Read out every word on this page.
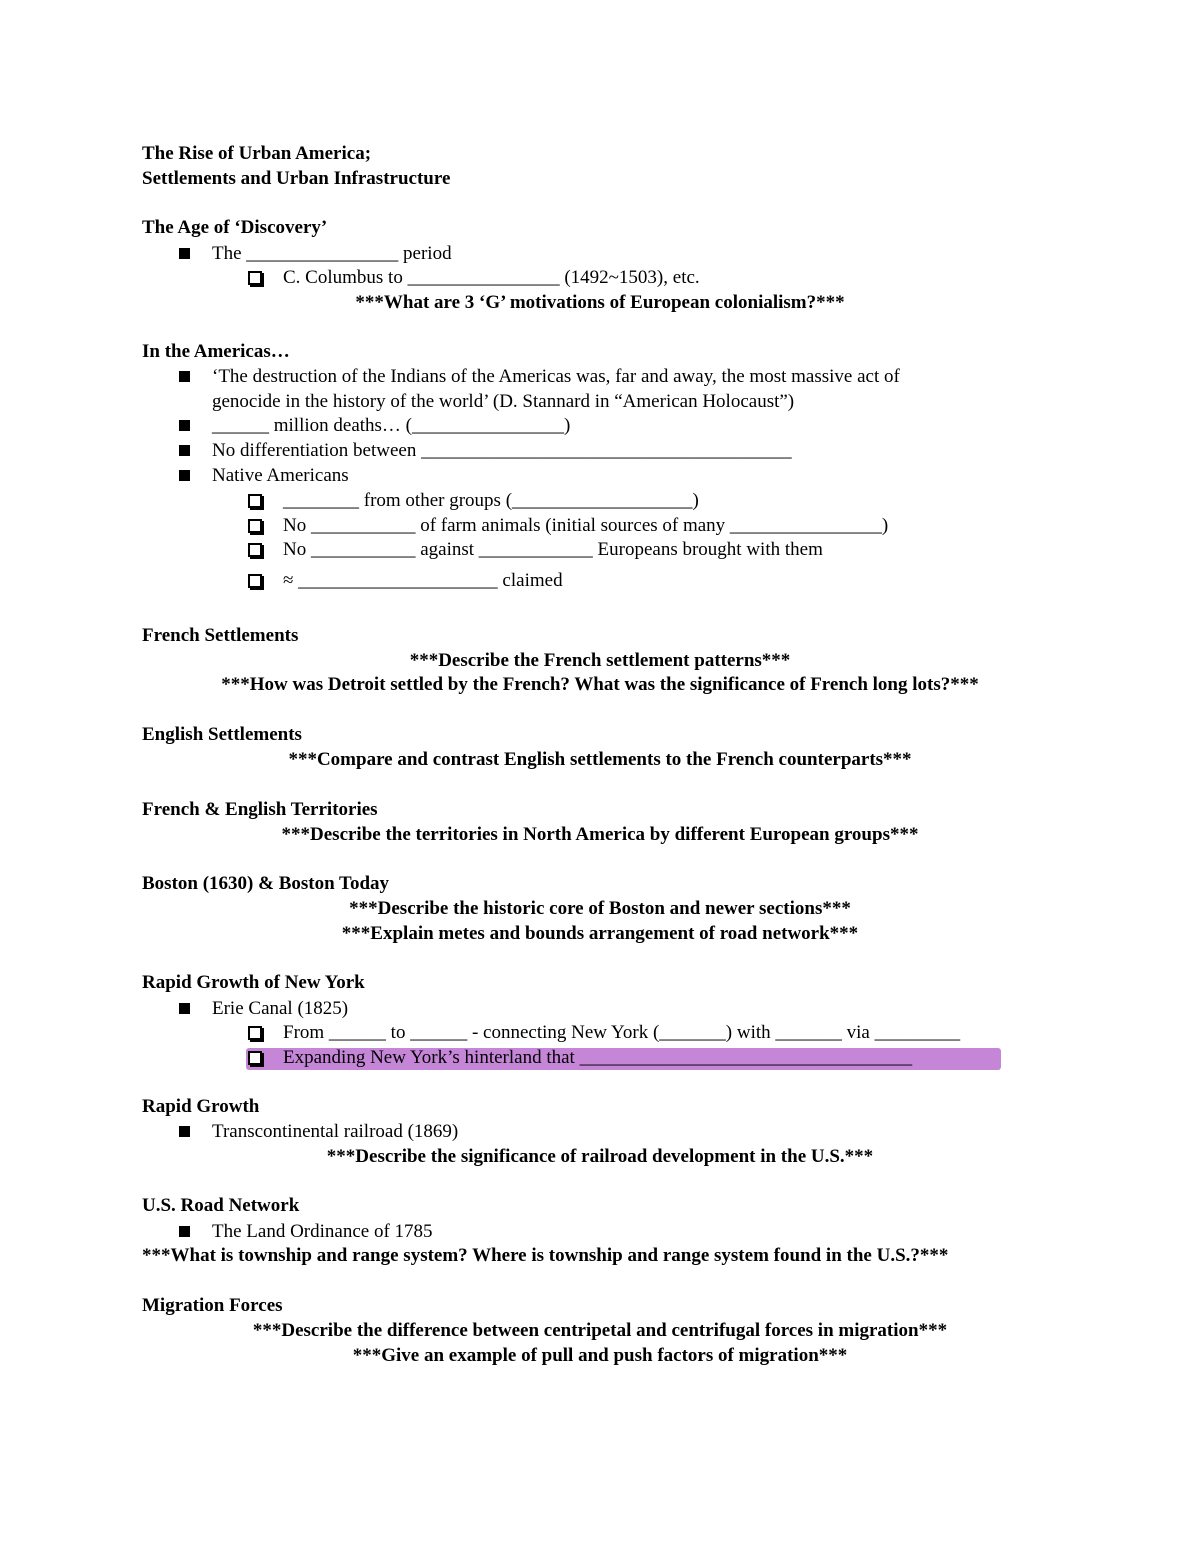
The Rise of Urban America;
Settlements and Urban Infrastructure
The Age of ‘Discovery’
The ________________ period
C. Columbus to ________________ (1492~1503), etc.
***What are 3 ‘G’ motivations of European colonialism?***
In the Americas…
‘The destruction of the Indians of the Americas was, far and away, the most massive act of
genocide in the history of the world’ (D. Stannard in “American Holocaust”)
______ million deaths… (________________)
No differentiation between _______________________________________
Native Americans
________ from other groups (___________________)
No ___________ of farm animals (initial sources of many ________________)
No ___________ against ____________ Europeans brought with them
≈ _____________________ claimed
French Settlements
***Describe the French settlement patterns***
***How was Detroit settled by the French? What was the significance of French long lots?***
English Settlements
***Compare and contrast English settlements to the French counterparts***
French & English Territories
***Describe the territories in North America by different European groups***
Boston (1630) & Boston Today
***Describe the historic core of Boston and newer sections***
***Explain metes and bounds arrangement of road network***
Rapid Growth of New York
Erie Canal (1825)
From ______ to ______ - connecting New York (_______) with _______ via _________
Expanding New York’s hinterland that ___________________________________
Rapid Growth
Transcontinental railroad (1869)
***Describe the significance of railroad development in the U.S.***
U.S. Road Network
The Land Ordinance of 1785
***What is township and range system? Where is township and range system found in the U.S.?***
Migration Forces
***Describe the difference between centripetal and centrifugal forces in migration***
***Give an example of pull and push factors of migration***
